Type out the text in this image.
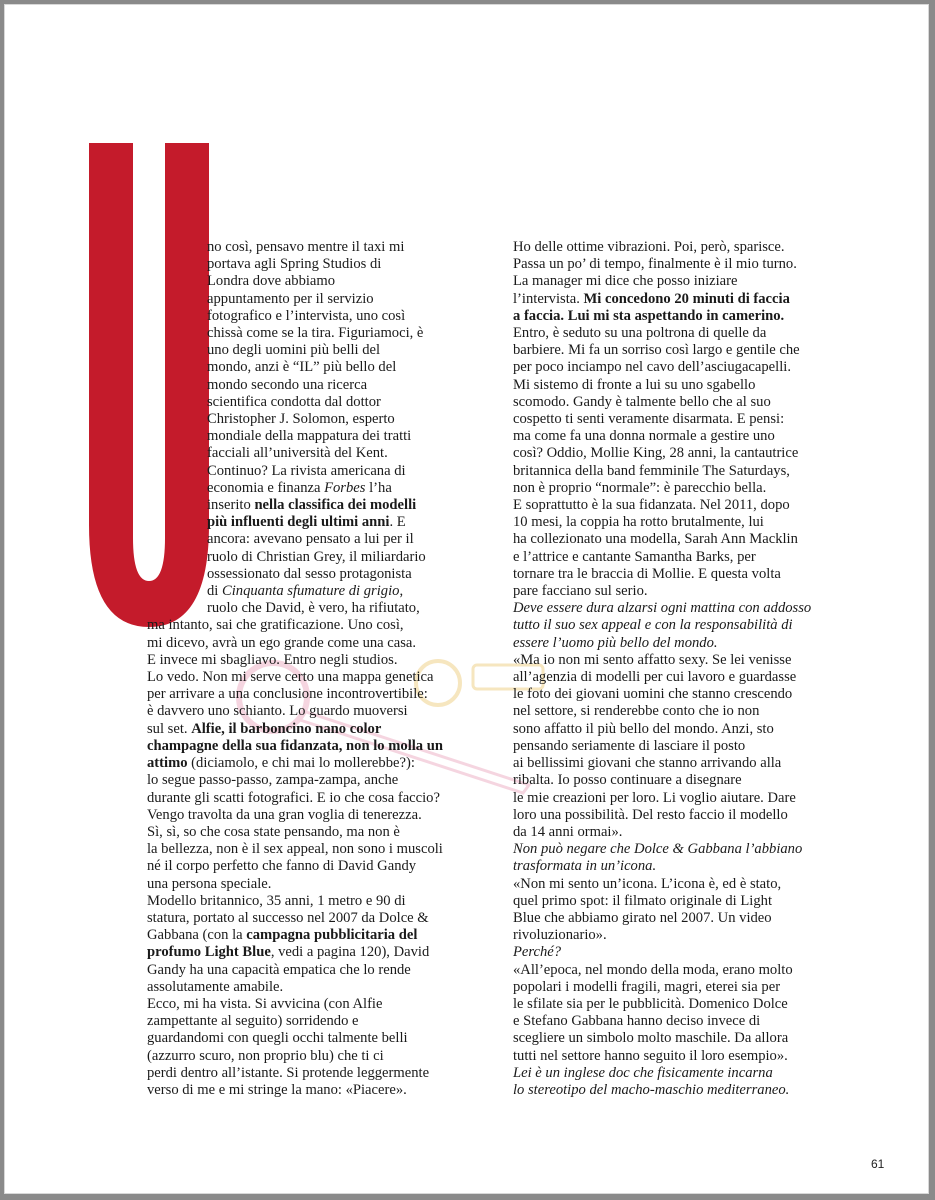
no così, pensavo mentre il taxi mi
portava agli Spring Studios di
Londra dove abbiamo
appuntamento per il servizio
fotografico e l’intervista, uno così
chissà come se la tira. Figuriamoci, è
uno degli uomini più belli del
mondo, anzi è “IL” più bello del
mondo secondo una ricerca
scientifica condotta dal dottor
Christopher J. Solomon, esperto
mondiale della mappatura dei tratti
facciali all’università del Kent.
Continuo? La rivista americana di
economia e finanza Forbes l’ha
inserito nella classifica dei modelli
più influenti degli ultimi anni. E
ancora: avevano pensato a lui per il
ruolo di Christian Grey, il miliardario
ossessionato dal sesso protagonista
di Cinquanta sfumature di grigio,
ruolo che David, è vero, ha rifiutato,
ma intanto, sai che gratificazione. Uno così,
mi dicevo, avrà un ego grande come una casa.
E invece mi sbagliavo. Entro negli studios.
Lo vedo. Non mi serve certo una mappa genetica
per arrivare a una conclusione incontrovertibile:
è davvero uno schianto. Lo guardo muoversi
sul set. Alfie, il barboncino nano color
champagne della sua fidanzata, non lo molla un
attimo (diciamolo, e chi mai lo mollerebbe?):
lo segue passo-passo, zampa-zampa, anche
durante gli scatti fotografici. E io che cosa faccio?
Vengo travolta da una gran voglia di tenerezza.
Sì, sì, so che cosa state pensando, ma non è
la bellezza, non è il sex appeal, non sono i muscoli
né il corpo perfetto che fanno di David Gandy
una persona speciale.
Modello britannico, 35 anni, 1 metro e 90 di
statura, portato al successo nel 2007 da Dolce &
Gabbana (con la campagna pubblicitaria del
profumo Light Blue, vedi a pagina 120), David
Gandy ha una capacità empatica che lo rende
assolutamente amabile.
Ecco, mi ha vista. Si avvicina (con Alfie
zampettante al seguito) sorridendo e
guardandomi con quegli occhi talmente belli
(azzurro scuro, non proprio blu) che ti ci
perdi dentro all’istante. Si protende leggermente
verso di me e mi stringe la mano: «Piacere».
Ho delle ottime vibrazioni. Poi, però, sparisce.
Passa un po’ di tempo, finalmente è il mio turno.
La manager mi dice che posso iniziare
l’intervista. Mi concedono 20 minuti di faccia
a faccia. Lui mi sta aspettando in camerino.
Entro, è seduto su una poltrona di quelle da
barbiere. Mi fa un sorriso così largo e gentile che
per poco inciampo nel cavo dell’asciugacapelli.
Mi sistemo di fronte a lui su uno sgabello
scomodo. Gandy è talmente bello che al suo
cospetto ti senti veramente disarmata. E pensi:
ma come fa una donna normale a gestire uno
così? Oddio, Mollie King, 28 anni, la cantautrice
britannica della band femminile The Saturdays,
non è proprio “normale”: è parecchio bella.
E soprattutto è la sua fidanzata. Nel 2011, dopo
10 mesi, la coppia ha rotto brutalmente, lui
ha collezionato una modella, Sarah Ann Macklin
e l’attrice e cantante Samantha Barks, per
tornare tra le braccia di Mollie. E questa volta
pare facciano sul serio.
Deve essere dura alzarsi ogni mattina con addosso
tutto il suo sex appeal e con la responsabilità di
essere l’uomo più bello del mondo.
«Ma io non mi sento affatto sexy. Se lei venisse
all’agenzia di modelli per cui lavoro e guardasse
le foto dei giovani uomini che stanno crescendo
nel settore, si renderebbe conto che io non
sono affatto il più bello del mondo. Anzi, sto
pensando seriamente di lasciare il posto
ai bellissimi giovani che stanno arrivando alla
ribalta. Io posso continuare a disegnare
le mie creazioni per loro. Li voglio aiutare. Dare
loro una possibilità. Del resto faccio il modello
da 14 anni ormai».
Non può negare che Dolce & Gabbana l’abbiano
trasformata in un’icona.
«Non mi sento un’icona. L’icona è, ed è stato,
quel primo spot: il filmato originale di Light
Blue che abbiamo girato nel 2007. Un video
rivoluzionario».
Perché?
«All’epoca, nel mondo della moda, erano molto
popolari i modelli fragili, magri, eterei sia per
le sfilate sia per le pubblicità. Domenico Dolce
e Stefano Gabbana hanno deciso invece di
scegliere un simbolo molto maschile. Da allora
tutti nel settore hanno seguito il loro esempio».
Lei è un inglese doc che fisicamente incarna
lo stereotipo del macho-maschio mediterraneo.
61
